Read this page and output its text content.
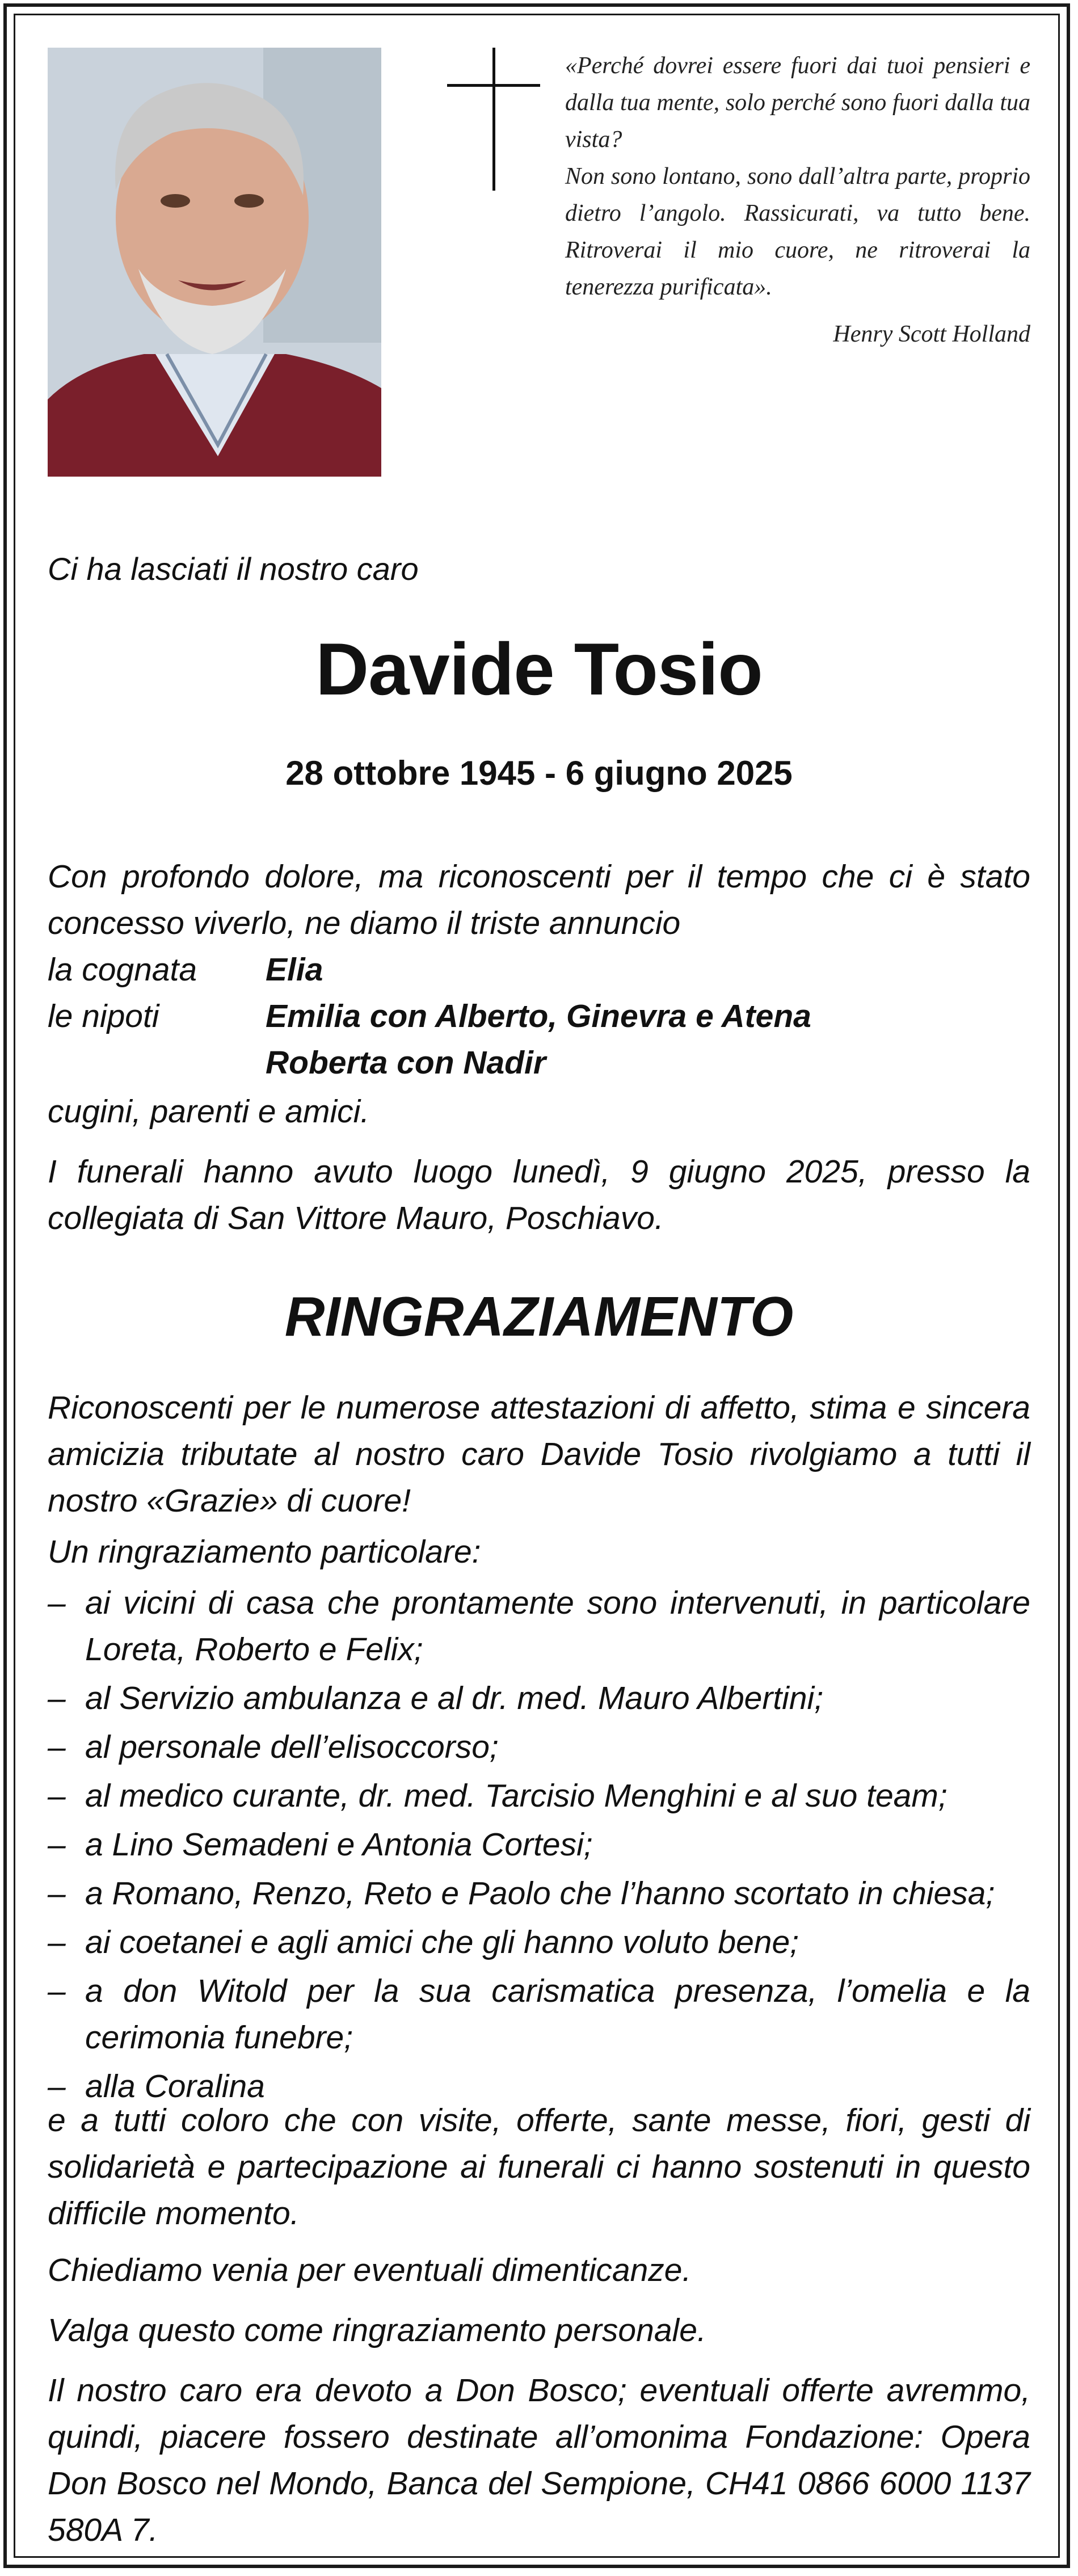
«Perché dovrei essere fuori dai tuoi pensieri e dalla tua mente, solo perché sono fuori dalla tua vista?

Non sono lontano, sono dall’altra parte, proprio dietro l’angolo. Rassicurati, va tutto bene. Ritroverai il mio cuore, ne ritroverai la tenerezza purificata».

Henry Scott Holland

Ci ha lasciati il nostro caro
Davide Tosio
28 ottobre 1945 - 6 giugno 2025

Con profondo dolore, ma riconoscenti per il tempo che ci è stato concesso viverlo, ne diamo il triste annuncio

la cognata Elia
le nipoti	Emilia con Alberto, Ginevra e Atena
Roberta con Nadir

cugini, parenti e amici.

I funerali hanno avuto luogo lunedì, 9 giugno 2025, presso la collegiata di San Vittore Mauro, Poschiavo.

RINGRAZIAMENTO

Riconoscenti per le numerose attestazioni di affetto, stima e sincera amicizia tributate al nostro caro Davide Tosio rivolgiamo a tutti il nostro «Grazie» di cuore!

Un ringraziamento particolare:

– ai vicini di casa che prontamente sono intervenuti, in particolare Loreta, Roberto e Felix;
– al Servizio ambulanza e al dr. med. Mauro Albertini;
– al personale dell’elisoccorso;
– al medico curante, dr. med. Tarcisio Menghini e al suo team;
– a Lino Semadeni e Antonia Cortesi;
– a Romano, Renzo, Reto e Paolo che l’hanno scortato in chiesa;
– ai coetanei e agli amici che gli hanno voluto bene;
– a don Witold per la sua carismatica presenza, l’omelia e la cerimonia funebre;
– alla Coralina

e a tutti coloro che con visite, offerte, sante messe, fiori, gesti di solidarietà e partecipazione ai funerali ci hanno sostenuti in questo difficile momento.

Chiediamo venia per eventuali dimenticanze.

Valga questo come ringraziamento personale.

Il nostro caro era devoto a Don Bosco; eventuali offerte avremmo, quindi, piacere fossero destinate all’omonima Fondazione: Opera Don Bosco nel Mondo, Banca del Sempione, CH41 0866 6000 1137 580A 7.
